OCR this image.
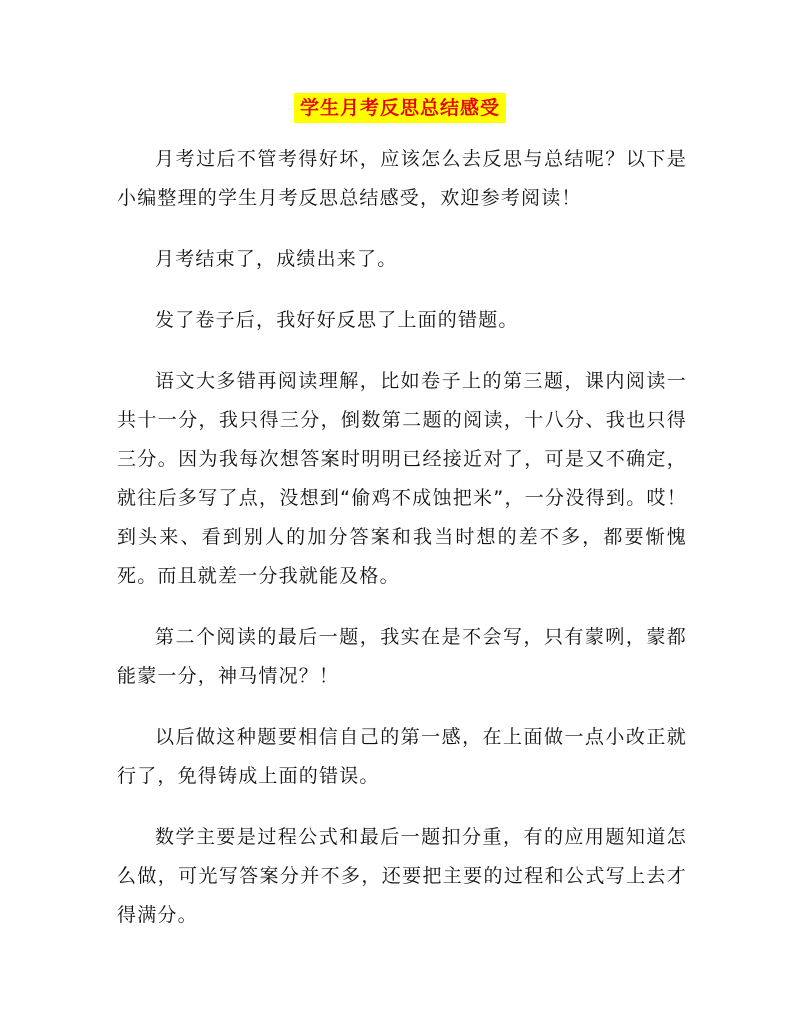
学生月考反思总结感受

月考过后不管考得好坏，应该怎么去反思与总结呢？以下是小编整理的学生月考反思总结感受，欢迎参考阅读！

月考结束了，成绩出来了。

发了卷子后，我好好反思了上面的错题。

语文大多错再阅读理解，比如卷子上的第三题，课内阅读一共十一分，我只得三分，倒数第二题的阅读，十八分、我也只得三分。因为我每次想答案时明明已经接近对了，可是又不确定，就往后多写了点，没想到“偷鸡不成蚀把米”，一分没得到。哎！到头来、看到别人的加分答案和我当时想的差不多，都要惭愧死。而且就差一分我就能及格。

第二个阅读的最后一题，我实在是不会写，只有蒙咧，蒙都能蒙一分，神马情况？！

以后做这种题要相信自己的第一感，在上面做一点小改正就行了，免得铸成上面的错误。

数学主要是过程公式和最后一题扣分重，有的应用题知道怎么做，可光写答案分并不多，还要把主要的过程和公式写上去才得满分。
